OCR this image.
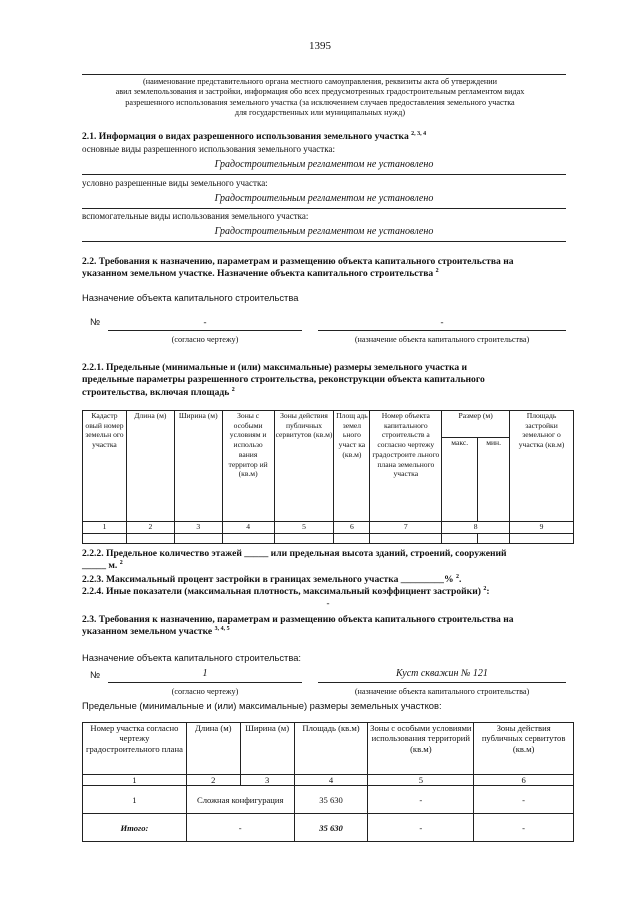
1395
(наименование представительного органа местного самоуправления, реквизиты акта об утверждении
авил землепользования и застройки, информация обо всех предусмотренных градостроительным регламентом видах
разрешенного использования земельного участка (за исключением случаев предоставления земельного участка
для государственных или муниципальных нужд)
2.1. Информация о видах разрешенного использования земельного участка $^{2, 3, 4}$
основные виды разрешенного использования земельного участка:
Градостроительным регламентом не установлено
условно разрешенные виды земельного участка:
Градостроительным регламентом не установлено
вспомогательные виды использования земельного участка:
Градостроительным регламентом не установлено
2.2. Требования к назначению, параметрам и размещению объекта капитального строительства на
указанном земельном участке. Назначение объекта капитального строительства $^2$
Назначение объекта капитального строительства
№	-	-
(согласно чертежу)	(назначение объекта капитального строительства)
2.2.1. Предельные (минимальные и (или) максимальные) размеры земельного участка и
предельные параметры разрешенного строительства, реконструкции объекта капитального
строительства, включая площадь $^2$
Кадастр овый номер земельн ого участка	Длина (м)	Ширина (м)	Зоны с особыми условиям и использо вания территор ий (кв.м)	Зоны действия публичных сервитутов (кв.м)	Площ адь земел ьного участ ка (кв.м)	Номер объекта капитального строительств а согласно чертежу градостроите льного плана земельного участка	Размер (м)		Площадь застройки земельног о участка (кв.м)
							макс.	мин.	
1	2	3	4	5	6	7	8		9

2.2.2. Предельное количество этажей _____ или предельная высота зданий, строений, сооружений
_____ м. $^2$
2.2.3. Максимальный процент застройки в границах земельного участка _________% $^2$.
2.2.4. Иные показатели (максимальная плотность, максимальный коэффициент застройки) $^2$:
-
2.3. Требования к назначению, параметрам и размещению объекта капитального строительства на
указанном земельном участке $^{3, 4, 5}$
Назначение объекта капитального строительства:
№	1	Куст скважин № 121
(согласно чертежу)	(назначение объекта капитального строительства)
Предельные (минимальные и (или) максимальные) размеры земельных участков:
Номер участка согласно чертежу градостроительного плана	Длина (м)	Ширина (м)	Площадь (кв.м)	Зоны с особыми условиями использования территорий (кв.м)	Зоны действия публичных сервитутов (кв.м)
1	2	3	4	5	6
1	Сложная конфигурация		35 630	-	-
Итого:	-		35 630	-	-
